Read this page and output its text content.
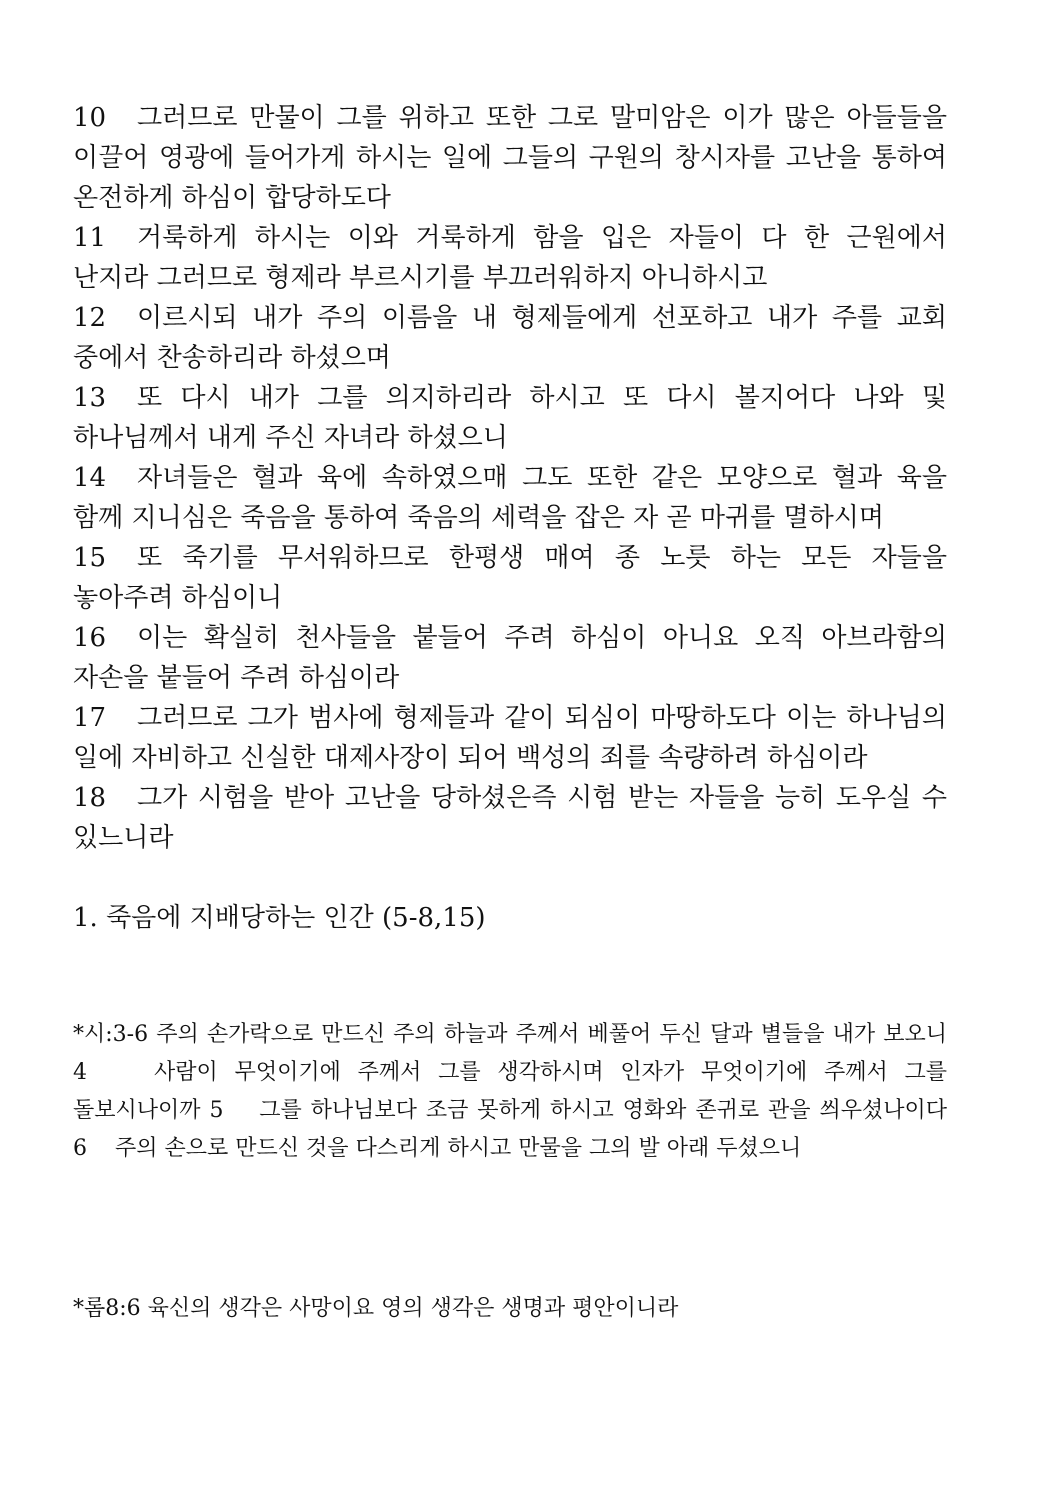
10 그러므로 만물이 그를 위하고 또한 그로 말미암은 이가 많은 아들들을 이끌어 영광에 들어가게 하시는 일에 그들의 구원의 창시자를 고난을 통하여 온전하게 하심이 합당하도다

11 거룩하게 하시는 이와 거룩하게 함을 입은 자들이 다 한 근원에서 난지라 그러므로 형제라 부르시기를 부끄러워하지 아니하시고

12 이르시되 내가 주의 이름을 내 형제들에게 선포하고 내가 주를 교회 중에서 찬송하리라 하셨으며

13 또 다시 내가 그를 의지하리라 하시고 또 다시 볼지어다 나와 및 하나님께서 내게 주신 자녀라 하셨으니

14 자녀들은 혈과 육에 속하였으매 그도 또한 같은 모양으로 혈과 육을 함께 지니심은 죽음을 통하여 죽음의 세력을 잡은 자 곧 마귀를 멸하시며

15 또 죽기를 무서워하므로 한평생 매여 종 노릇 하는 모든 자들을 놓아주려 하심이니

16 이는 확실히 천사들을 붙들어 주려 하심이 아니요 오직 아브라함의 자손을 붙들어 주려 하심이라

17 그러므로 그가 범사에 형제들과 같이 되심이 마땅하도다 이는 하나님의 일에 자비하고 신실한 대제사장이 되어 백성의 죄를 속량하려 하심이라

18 그가 시험을 받아 고난을 당하셨은즉 시험 받는 자들을 능히 도우실 수 있느니라

1. 죽음에 지배당하는 인간 (5-8,15)

*시:3-6 주의 손가락으로 만드신 주의 하늘과 주께서 베풀어 두신 달과 별들을 내가 보오니 4    사람이 무엇이기에 주께서 그를 생각하시며 인자가 무엇이기에 주께서 그를 돌보시나이까 5    그를 하나님보다 조금 못하게 하시고 영화와 존귀로 관을 씌우셨나이다 6    주의 손으로 만드신 것을 다스리게 하시고 만물을 그의 발 아래 두셨으니

*롬8:6 육신의 생각은 사망이요 영의 생각은 생명과 평안이니라
